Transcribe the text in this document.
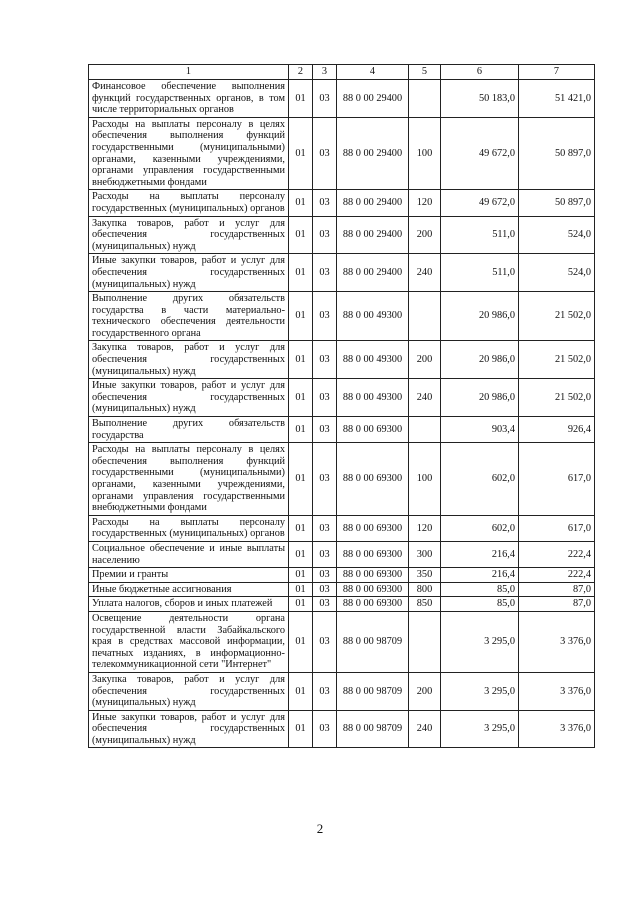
1	2	3	4	5	6	7
Финансовое обеспечение выполнения функций государственных органов, в том числе территориальных органов	01	03	88 0 00 29400		50 183,0	51 421,0
Расходы на выплаты персоналу в целях обеспечения выполнения функций государственными (муниципальными) органами, казенными учреждениями, органами управления государственными внебюджетными фондами	01	03	88 0 00 29400	100	49 672,0	50 897,0
Расходы на выплаты персоналу государственных (муниципальных) органов	01	03	88 0 00 29400	120	49 672,0	50 897,0
Закупка товаров, работ и услуг для обеспечения государственных (муниципальных) нужд	01	03	88 0 00 29400	200	511,0	524,0
Иные закупки товаров, работ и услуг для обеспечения государственных (муниципальных) нужд	01	03	88 0 00 29400	240	511,0	524,0
Выполнение других обязательств государства в части материально-технического обеспечения деятельности государственного органа	01	03	88 0 00 49300		20 986,0	21 502,0
Закупка товаров, работ и услуг для обеспечения государственных (муниципальных) нужд	01	03	88 0 00 49300	200	20 986,0	21 502,0
Иные закупки товаров, работ и услуг для обеспечения государственных (муниципальных) нужд	01	03	88 0 00 49300	240	20 986,0	21 502,0
Выполнение других обязательств государства	01	03	88 0 00 69300		903,4	926,4
Расходы на выплаты персоналу в целях обеспечения выполнения функций государственными (муниципальными) органами, казенными учреждениями, органами управления государственными внебюджетными фондами	01	03	88 0 00 69300	100	602,0	617,0
Расходы на выплаты персоналу государственных (муниципальных) органов	01	03	88 0 00 69300	120	602,0	617,0
Социальное обеспечение и иные выплаты населению	01	03	88 0 00 69300	300	216,4	222,4
Премии и гранты	01	03	88 0 00 69300	350	216,4	222,4
Иные бюджетные ассигнования	01	03	88 0 00 69300	800	85,0	87,0
Уплата налогов, сборов и иных платежей	01	03	88 0 00 69300	850	85,0	87,0
Освещение деятельности органа государственной власти Забайкальского края в средствах массовой информации, печатных изданиях, в информационно-телекоммуникационной сети "Интернет"	01	03	88 0 00 98709		3 295,0	3 376,0
Закупка товаров, работ и услуг для обеспечения государственных (муниципальных) нужд	01	03	88 0 00 98709	200	3 295,0	3 376,0
Иные закупки товаров, работ и услуг для обеспечения государственных (муниципальных) нужд	01	03	88 0 00 98709	240	3 295,0	3 376,0
2
